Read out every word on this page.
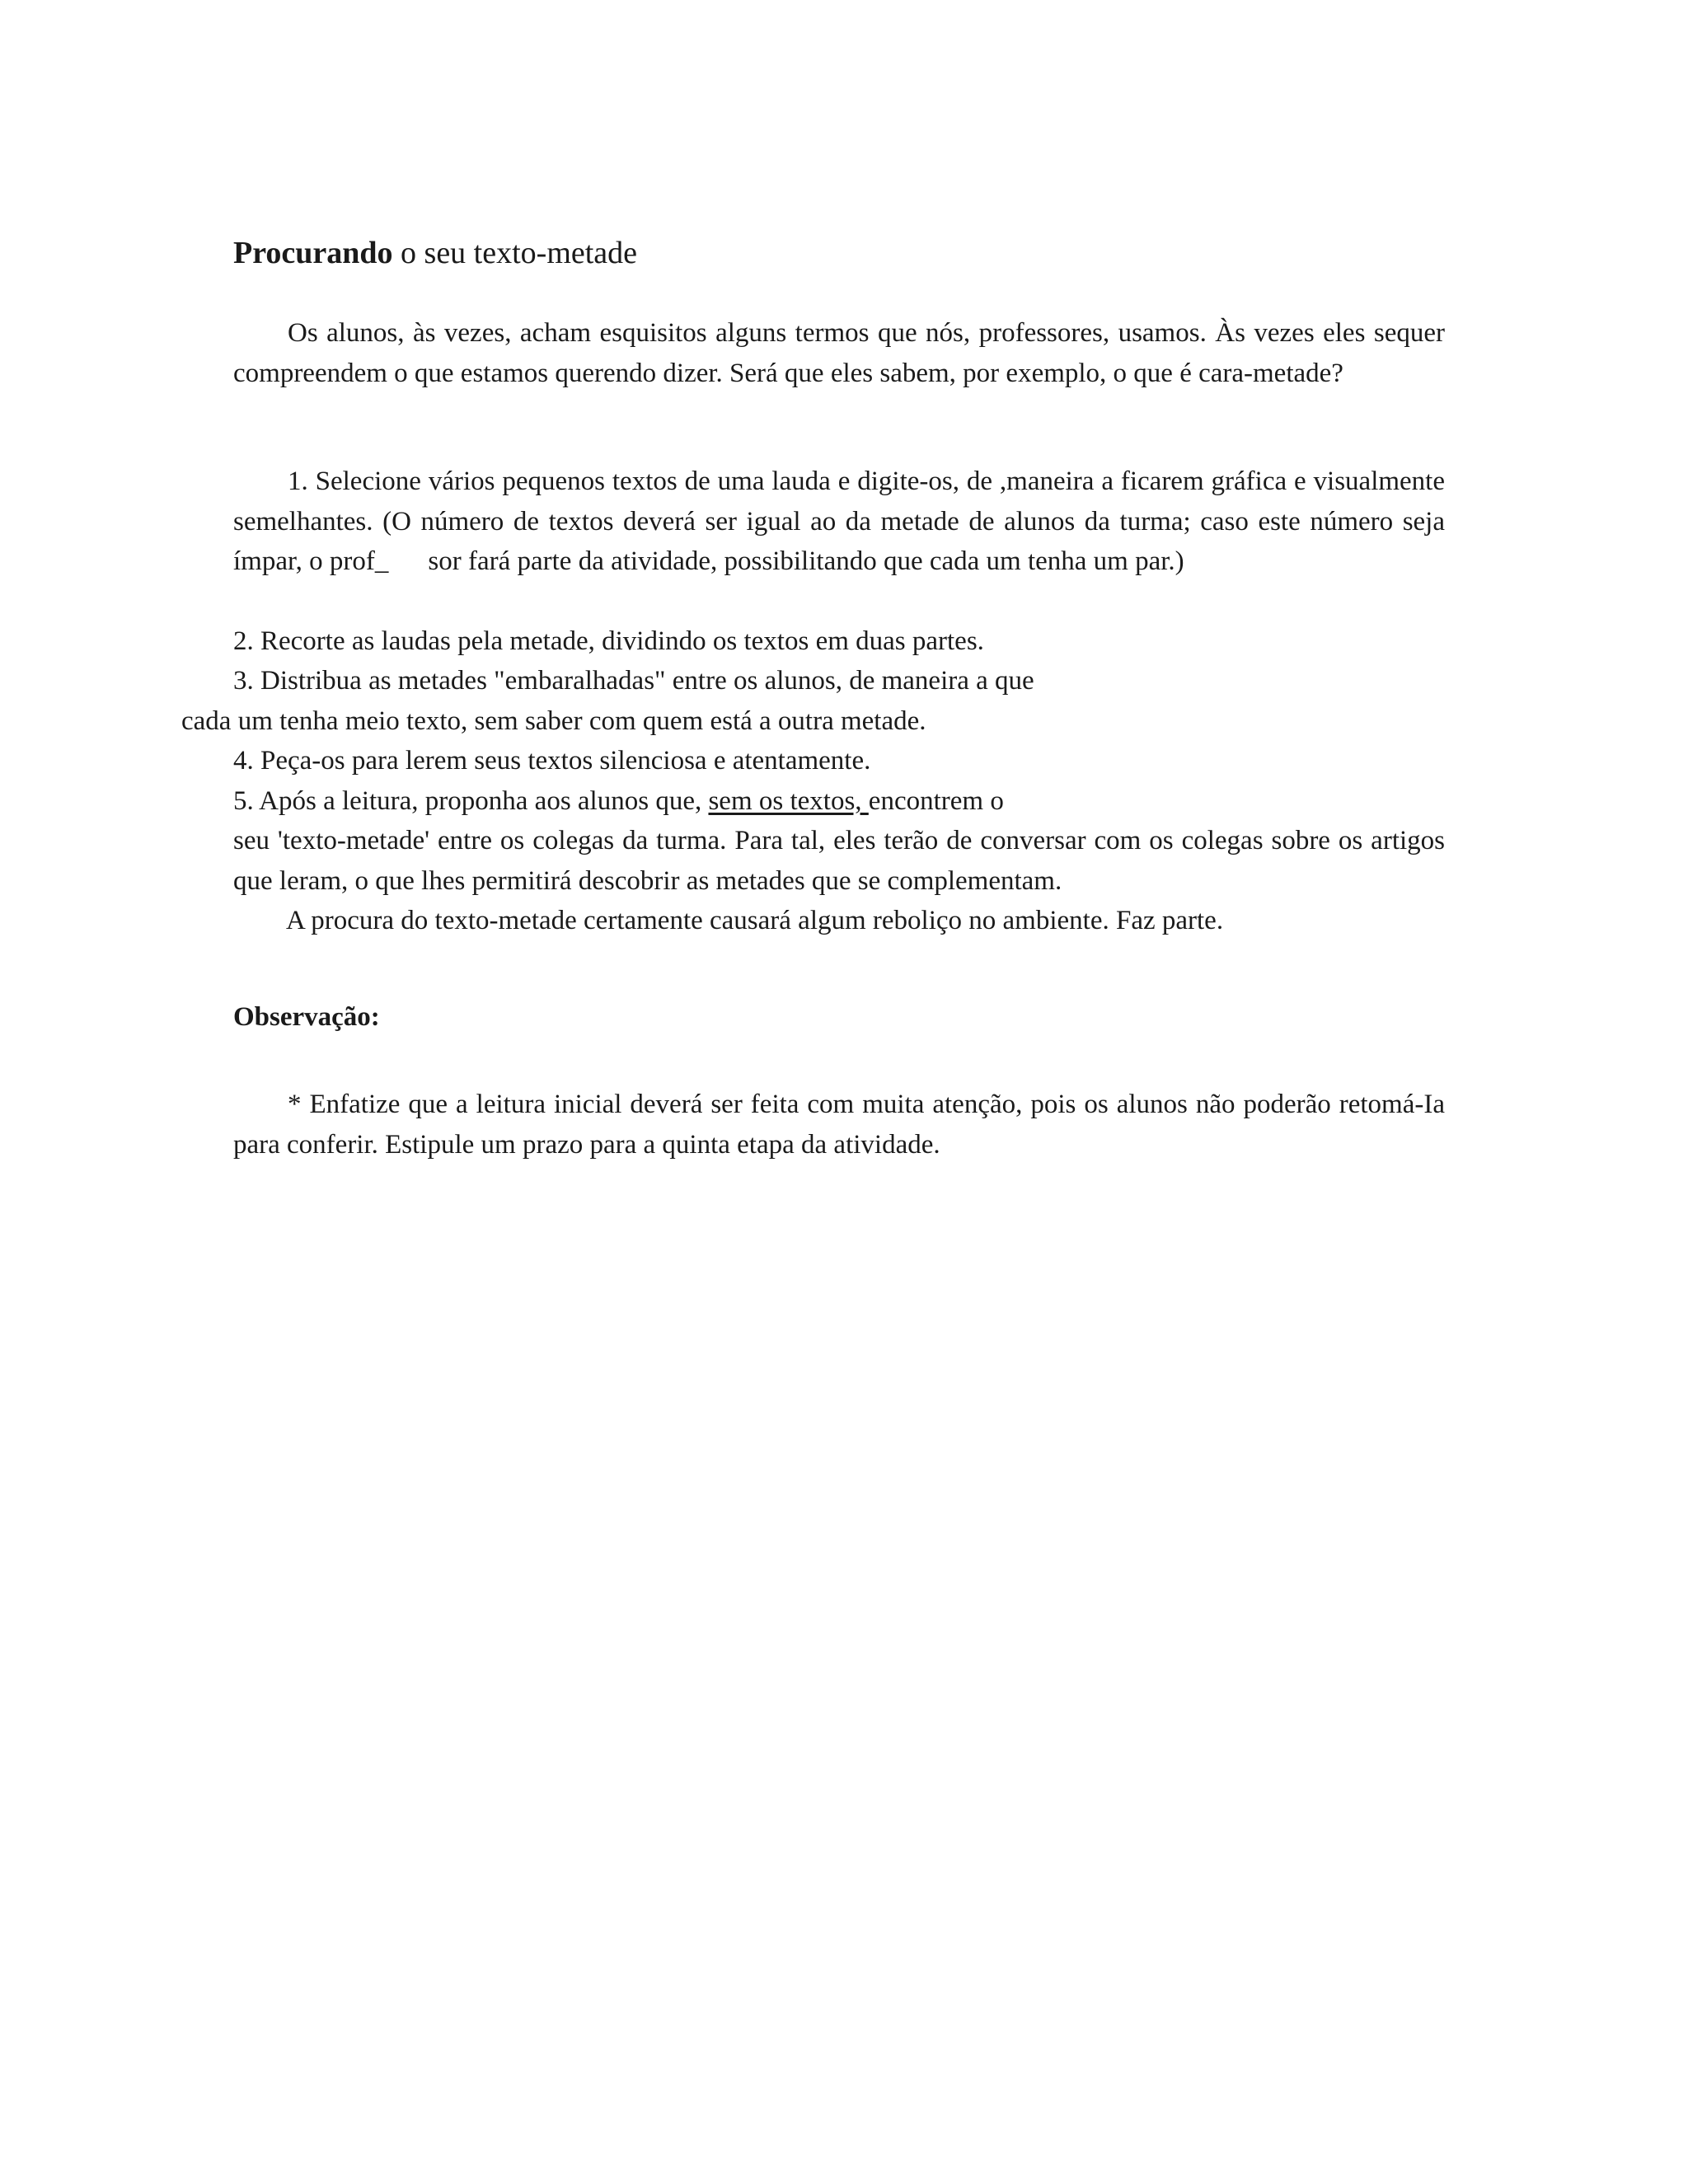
Procurando o seu texto-metade

Os alunos, às vezes, acham esquisitos alguns termos que nós, professores, usamos. Às vezes eles sequer compreendem o que estamos querendo dizer. Será que eles sabem, por exemplo, o que é cara-metade?

1. Selecione vários pequenos textos de uma lauda e digite-os, de ,maneira a ficarem gráfica e visualmente semelhantes. (O número de textos deverá ser igual ao da metade de alunos da turma; caso este número seja ímpar, o prof_ sor fará parte da atividade, possibilitando que cada um tenha um par.)

2. Recorte as laudas pela metade, dividindo os textos em duas partes.
3. Distribua as metades "embaralhadas" entre os alunos, de maneira a que
cada um tenha meio texto, sem saber com quem está a outra metade.
4. Peça-os para lerem seus textos silenciosa e atentamente.
5. Após a leitura, proponha aos alunos que, sem os textos, encontrem o

seu 'texto-metade' entre os colegas da turma. Para tal, eles terão de conversar com os colegas sobre os artigos que leram, o que lhes permitirá descobrir as metades que se complementam.

A procura do texto-metade certamente causará algum reboliço no ambiente. Faz parte.
Observação:

* Enfatize que a leitura inicial deverá ser feita com muita atenção, pois os alunos não poderão retomá-Ia para conferir. Estipule um prazo para a quinta etapa da atividade.
